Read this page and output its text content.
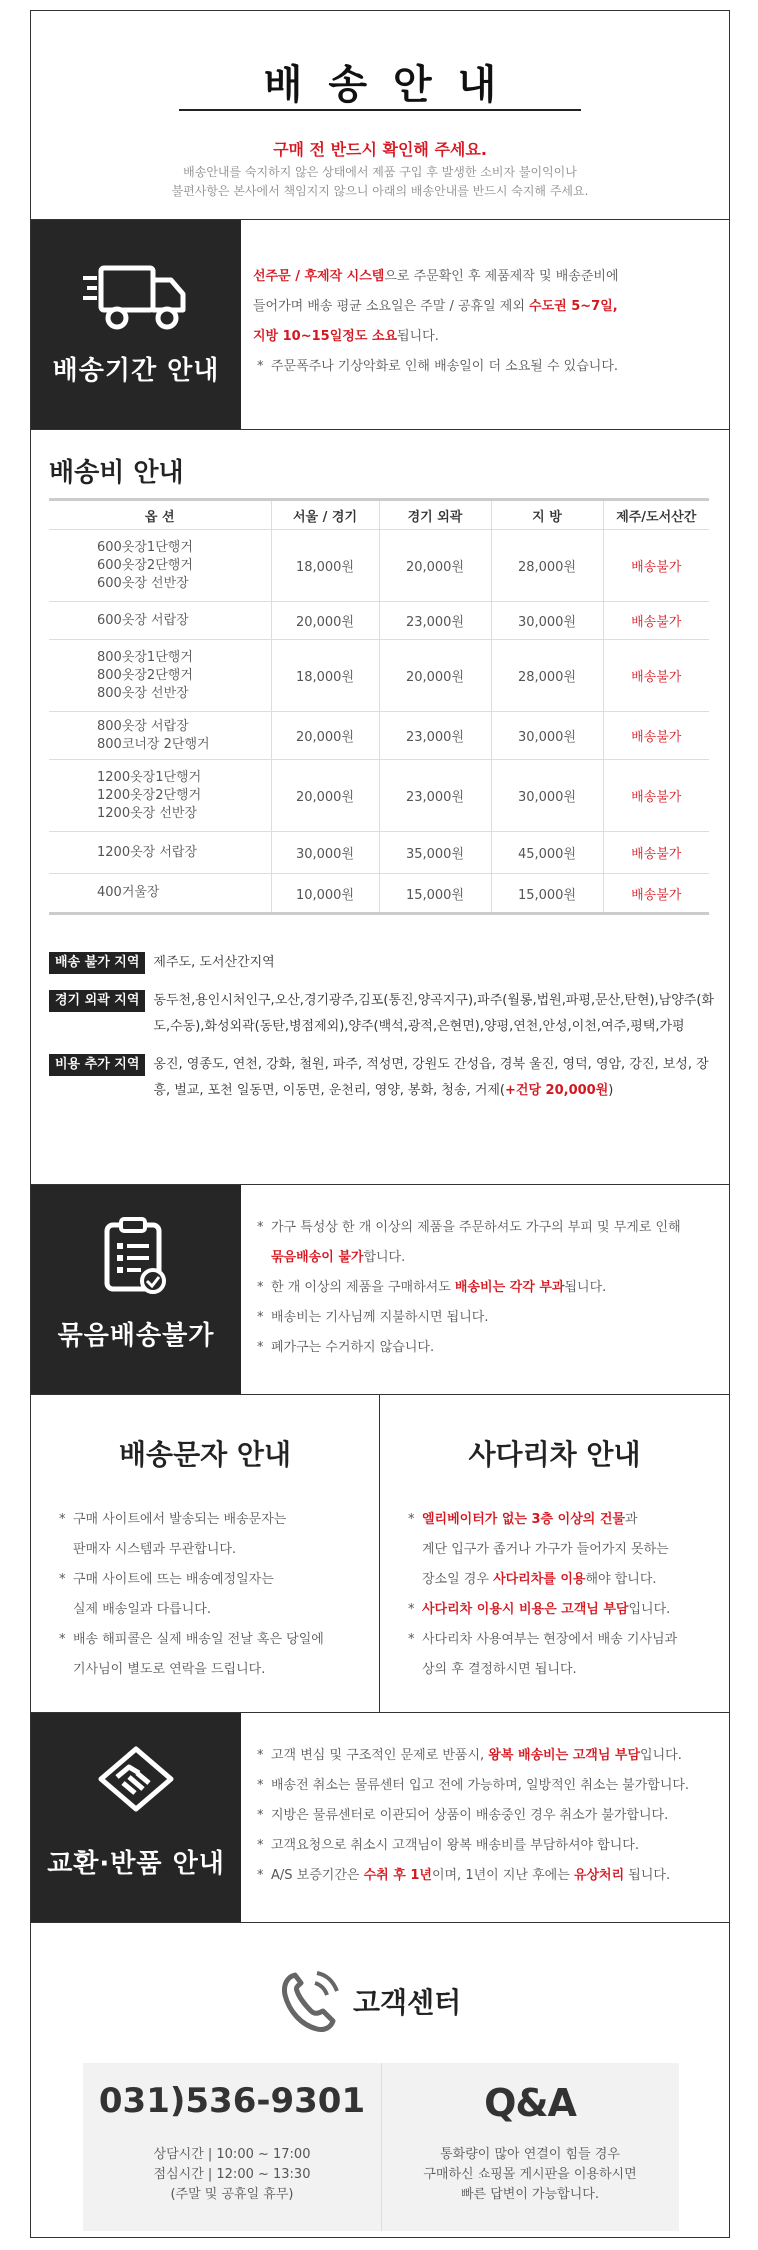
배송안내
구매 전 반드시 확인해 주세요.
배송안내를 숙지하지 않은 상태에서 제품 구입 후 발생한 소비자 불이익이나
불편사항은 본사에서 책임지지 않으니 아래의 배송안내를 반드시 숙지해 주세요.
배송기간 안내
선주문 / 후제작 시스템으로 주문확인 후 제품제작 및 배송준비에
들어가며 배송 평균 소요일은 주말 / 공휴일 제외 수도권 5~7일,
지방 10~15일정도 소요됩니다.
* 주문폭주나 기상악화로 인해 배송일이 더 소요될 수 있습니다.
배송비 안내
옵 션	서울 / 경기	경기 외곽	지 방	제주/도서산간

600옷장1단행거
600옷장2단행거
600옷장 선반장	18,000원	20,000원	28,000원	배송불가

600옷장 서랍장	20,000원	23,000원	30,000원	배송불가

800옷장1단행거
800옷장2단행거
800옷장 선반장	18,000원	20,000원	28,000원	배송불가

800옷장 서랍장
800코너장 2단행거	20,000원	23,000원	30,000원	배송불가

1200옷장1단행거
1200옷장2단행거
1200옷장 선반장	20,000원	23,000원	30,000원	배송불가

1200옷장 서랍장	30,000원	35,000원	45,000원	배송불가

400거울장	10,000원	15,000원	15,000원	배송불가
배송 불가 지역	제주도, 도서산간지역
경기 외곽 지역	동두천,용인시처인구,오산,경기광주,김포(통진,양곡지구),파주(월롱,법원,파평,문산,탄현),남양주(화도,수동),화성외곽(동탄,병점제외),양주(백석,광적,은현면),양평,연천,안성,이천,여주,평택,가평
비용 추가 지역	옹진, 영종도, 연천, 강화, 철원, 파주, 적성면, 강원도 간성읍, 경북 울진, 영덕, 영암, 강진, 보성, 장흥, 벌교, 포천 일동면, 이동면, 운천리, 영양, 봉화, 청송, 거제(+건당 20,000원)
묶음배송불가
* 가구 특성상 한 개 이상의 제품을 주문하셔도 가구의 부피 및 무게로 인해
묶음배송이 불가합니다.
* 한 개 이상의 제품을 구매하셔도 배송비는 각각 부과됩니다.
* 배송비는 기사님께 지불하시면 됩니다.
* 폐가구는 수거하지 않습니다.
배송문자 안내
* 구매 사이트에서 발송되는 배송문자는
판매자 시스템과 무관합니다.
* 구매 사이트에 뜨는 배송예정일자는
실제 배송일과 다릅니다.
* 배송 해피콜은 실제 배송일 전날 혹은 당일에
기사님이 별도로 연락을 드립니다.
사다리차 안내
* 엘리베이터가 없는 3층 이상의 건물과
계단 입구가 좁거나 가구가 들어가지 못하는
장소일 경우 사다리차를 이용해야 합니다.
* 사다리차 이용시 비용은 고객님 부담입니다.
* 사다리차 사용여부는 현장에서 배송 기사님과
상의 후 결정하시면 됩니다.
교환·반품 안내
* 고객 변심 및 구조적인 문제로 반품시, 왕복 배송비는 고객님 부담입니다.
* 배송전 취소는 물류센터 입고 전에 가능하며, 일방적인 취소는 불가합니다.
* 지방은 물류센터로 이관되어 상품이 배송중인 경우 취소가 불가합니다.
* 고객요청으로 취소시 고객님이 왕복 배송비를 부담하셔야 합니다.
* A/S 보증기간은 수취 후 1년이며, 1년이 지난 후에는 유상처리 됩니다.
고객센터
031)536-9301
상담시간 | 10:00 ~ 17:00
점심시간 | 12:00 ~ 13:30
(주말 및 공휴일 휴무)
Q&A
통화량이 많아 연결이 힘들 경우
구매하신 쇼핑몰 게시판을 이용하시면
빠른 답변이 가능합니다.
